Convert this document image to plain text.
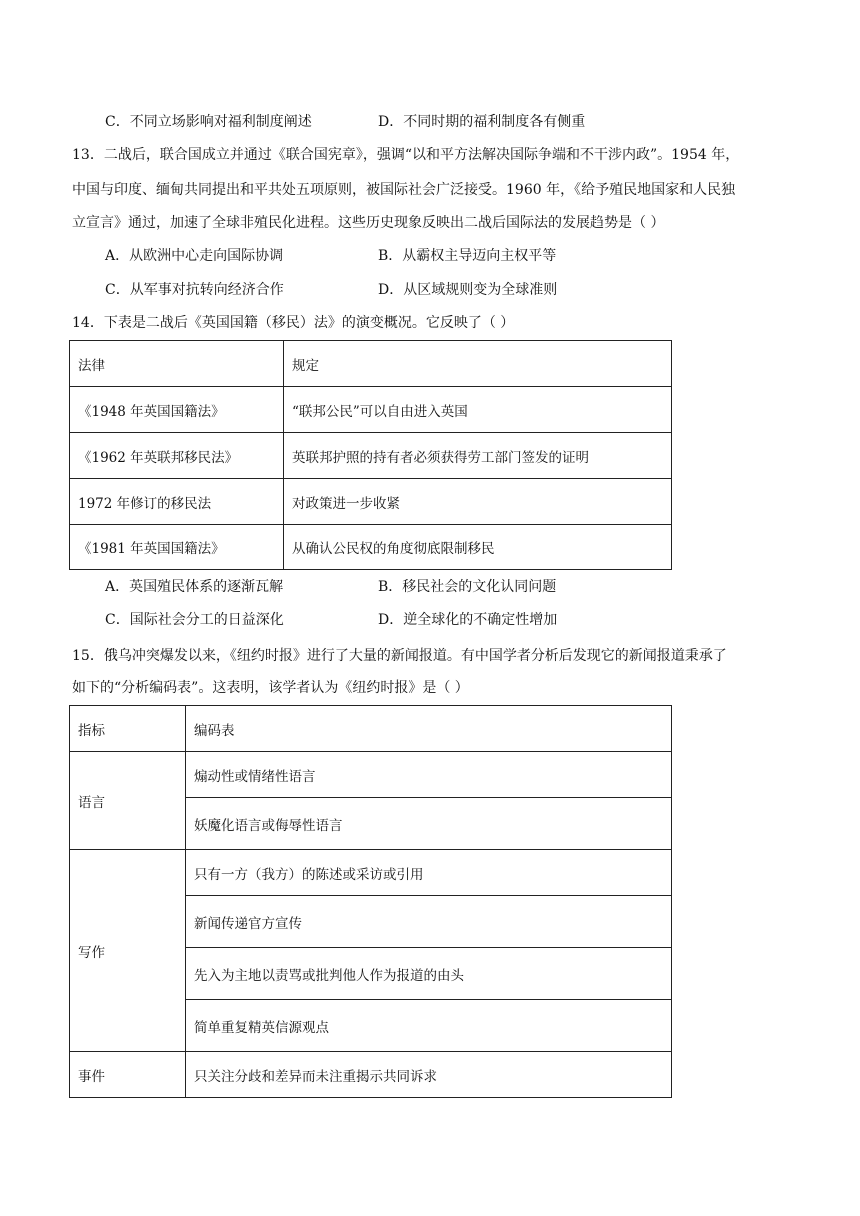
C．不同立场影响对福利制度阐述	D．不同时期的福利制度各有侧重
13．二战后，联合国成立并通过《联合国宪章》，强调“以和平方法解决国际争端和不干涉内政”。1954 年，
中国与印度、缅甸共同提出和平共处五项原则，被国际社会广泛接受。1960 年，《给予殖民地国家和人民独
立宣言》通过，加速了全球非殖民化进程。这些历史现象反映出二战后国际法的发展趋势是（ ）
A．从欧洲中心走向国际协调	B．从霸权主导迈向主权平等
C．从军事对抗转向经济合作	D．从区域规则变为全球准则
14．下表是二战后《英国国籍（移民）法》的演变概况。它反映了（ ）
法律	规定
《1948 年英国国籍法》	“联邦公民”可以自由进入英国
《1962 年英联邦移民法》	英联邦护照的持有者必须获得劳工部门签发的证明
1972 年修订的移民法	对政策进一步收紧
《1981 年英国国籍法》	从确认公民权的角度彻底限制移民
A．英国殖民体系的逐渐瓦解	B．移民社会的文化认同问题
C．国际社会分工的日益深化	D．逆全球化的不确定性增加
15．俄乌冲突爆发以来，《纽约时报》进行了大量的新闻报道。有中国学者分析后发现它的新闻报道秉承了
如下的“分析编码表”。这表明，该学者认为《纽约时报》是（ ）
指标	编码表
语言	煽动性或情绪性语言
	妖魔化语言或侮辱性语言
写作	只有一方（我方）的陈述或采访或引用
	新闻传递官方宣传
	先入为主地以责骂或批判他人作为报道的由头
	简单重复精英信源观点
事件	只关注分歧和差异而未注重揭示共同诉求
